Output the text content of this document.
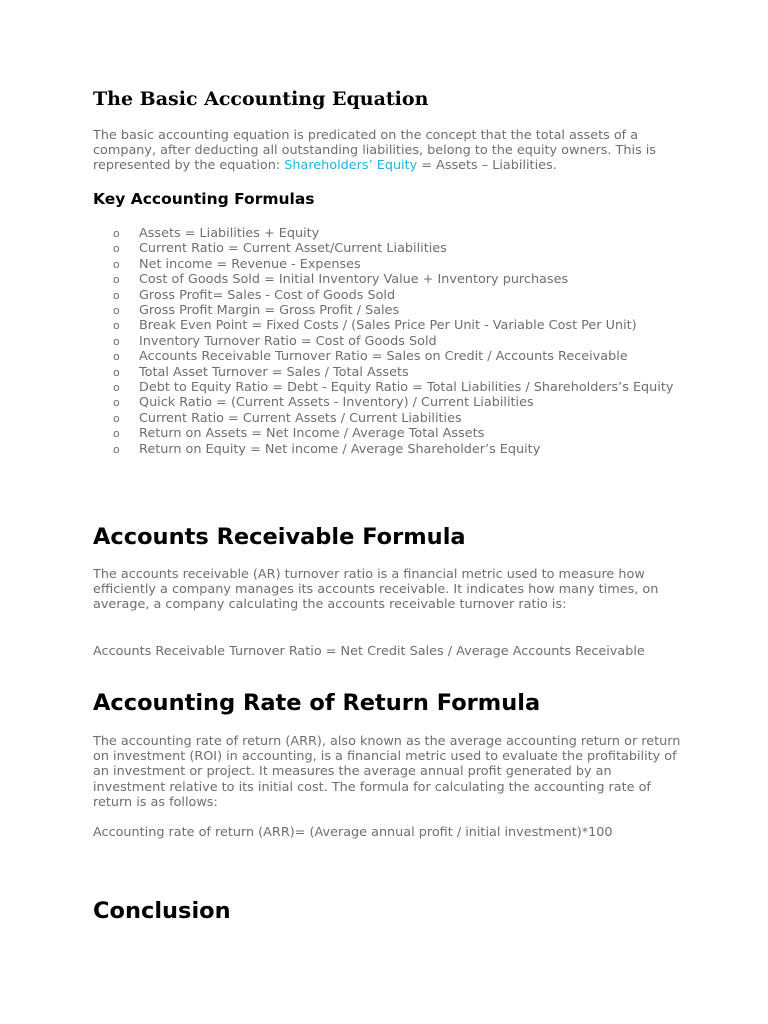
The Basic Accounting Equation

The basic accounting equation is predicated on the concept that the total assets of a company, after deducting all outstanding liabilities, belong to the equity owners. This is represented by the equation: Shareholders’ Equity = Assets – Liabilities.

Key Accounting Formulas
o Assets = Liabilities + Equity
o Current Ratio = Current Asset/Current Liabilities
o Net income = Revenue - Expenses
o Cost of Goods Sold = Initial Inventory Value + Inventory purchases
o Gross Profit= Sales - Cost of Goods Sold
o Gross Profit Margin = Gross Profit / Sales
o Break Even Point = Fixed Costs / (Sales Price Per Unit - Variable Cost Per Unit)
o Inventory Turnover Ratio = Cost of Goods Sold
o Accounts Receivable Turnover Ratio = Sales on Credit / Accounts Receivable
o Total Asset Turnover = Sales / Total Assets
o Debt to Equity Ratio = Debt - Equity Ratio = Total Liabilities / Shareholders’s Equity
o Quick Ratio = (Current Assets - Inventory) / Current Liabilities
o Current Ratio = Current Assets / Current Liabilities
o Return on Assets = Net Income / Average Total Assets
o Return on Equity = Net income / Average Shareholder’s Equity
Accounts Receivable Formula

The accounts receivable (AR) turnover ratio is a financial metric used to measure how efficiently a company manages its accounts receivable. It indicates how many times, on average, a company calculating the accounts receivable turnover ratio is:

Accounts Receivable Turnover Ratio = Net Credit Sales / Average Accounts Receivable

Accounting Rate of Return Formula

The accounting rate of return (ARR), also known as the average accounting return or return on investment (ROI) in accounting, is a financial metric used to evaluate the profitability of an investment or project. It measures the average annual profit generated by an investment relative to its initial cost. The formula for calculating the accounting rate of return is as follows:

Accounting rate of return (ARR)= (Average annual profit / initial investment)*100

Conclusion
